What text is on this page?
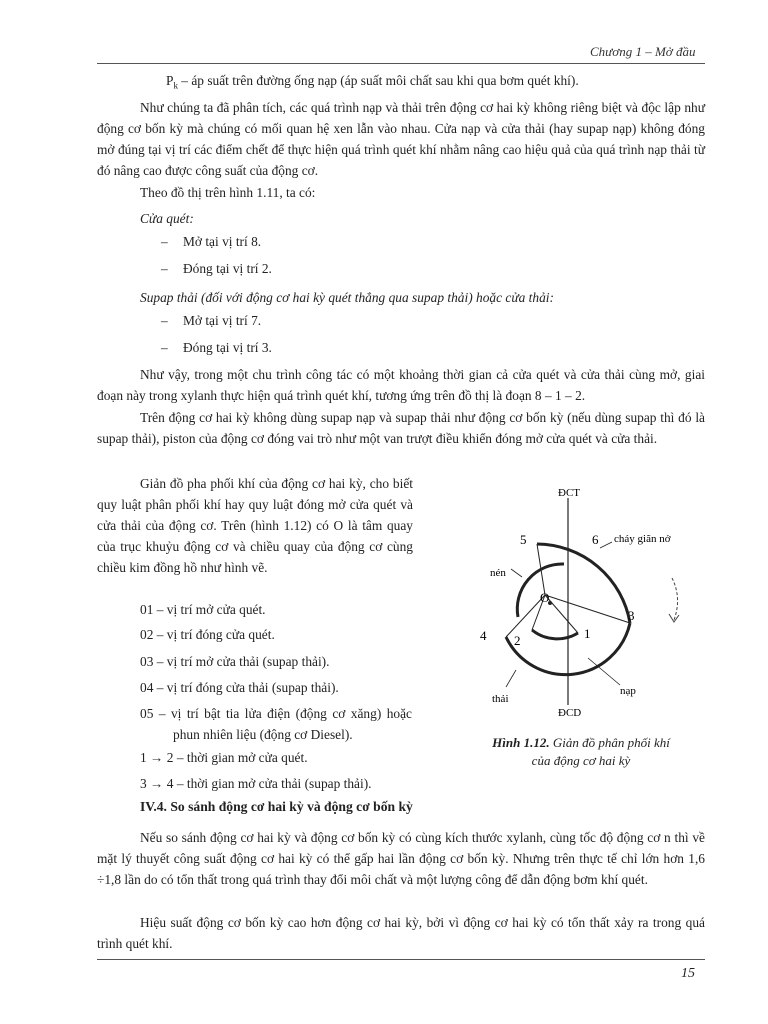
Chương 1 – Mở đầu
$P_k$ – áp suất trên đường ống nạp (áp suất môi chất sau khi qua bơm quét khí).

Như chúng ta đã phân tích, các quá trình nạp và thải trên động cơ hai kỳ không riêng biệt và độc lập như động cơ bốn kỳ mà chúng có mối quan hệ xen lẫn vào nhau. Cửa nạp và cửa thải (hay supap nạp) không đóng mở đúng tại vị trí các điểm chết để thực hiện quá trình quét khí nhằm nâng cao hiệu quả của quá trình nạp thải từ đó nâng cao được công suất của động cơ.

Theo đồ thị trên hình 1.11, ta có:

Cửa quét:

– Mở tại vị trí 8.
– Đóng tại vị trí 2.

Supap thải (đối với động cơ hai kỳ quét thẳng qua supap thải) hoặc cửa thải:

– Mở tại vị trí 7.
– Đóng tại vị trí 3.

Như vậy, trong một chu trình công tác có một khoảng thời gian cả cửa quét và cửa thải cùng mở, giai đoạn này trong xylanh thực hiện quá trình quét khí, tương ứng trên đồ thị là đoạn 8 – 1 – 2.

Trên động cơ hai kỳ không dùng supap nạp và supap thải như động cơ bốn kỳ (nếu dùng supap thì đó là supap thải), piston của động cơ đóng vai trò như một van trượt điều khiển đóng mở cửa quét và cửa thải.

Giản đồ pha phối khí của động cơ hai kỳ, cho biết quy luật phân phối khí hay quy luật đóng mở cửa quét và cửa thải của động cơ. Trên (hình 1.12) có O là tâm quay của trục khuỷu động cơ và chiều quay của động cơ cùng chiều kim đồng hồ như hình vẽ.

01 – vị trí mở cửa quét.
02 – vị trí đóng cửa quét.
03 – vị trí mở cửa thải (supap thải).
04 – vị trí đóng cửa thải (supap thải).
05 – vị trí bật tia lửa điện (động cơ xăng) hoặc phun nhiên liệu (động cơ Diesel).
1 → 2 – thời gian mở cửa quét.
3 → 4 – thời gian mở cửa thải (supap thải).
ĐCT
ĐCD
O
5	6 cháy giãn nở
nén
3
4 2	1
thải
nạp
Hình 1.12. Giản đồ phân phối khí
của động cơ hai kỳ
IV.4. So sánh động cơ hai kỳ và động cơ bốn kỳ

Nếu so sánh động cơ hai kỳ và động cơ bốn kỳ có cùng kích thước xylanh, cùng tốc độ động cơ n thì về mặt lý thuyết công suất động cơ hai kỳ có thể gấp hai lần động cơ bốn kỳ. Nhưng trên thực tế chỉ lớn hơn 1,6 ÷1,8 lần do có tổn thất trong quá trình thay đổi môi chất và một lượng công để dẫn động bơm khí quét.

Hiệu suất động cơ bốn kỳ cao hơn động cơ hai kỳ, bởi vì động cơ hai kỳ có tổn thất xảy ra trong quá trình quét khí.

15
